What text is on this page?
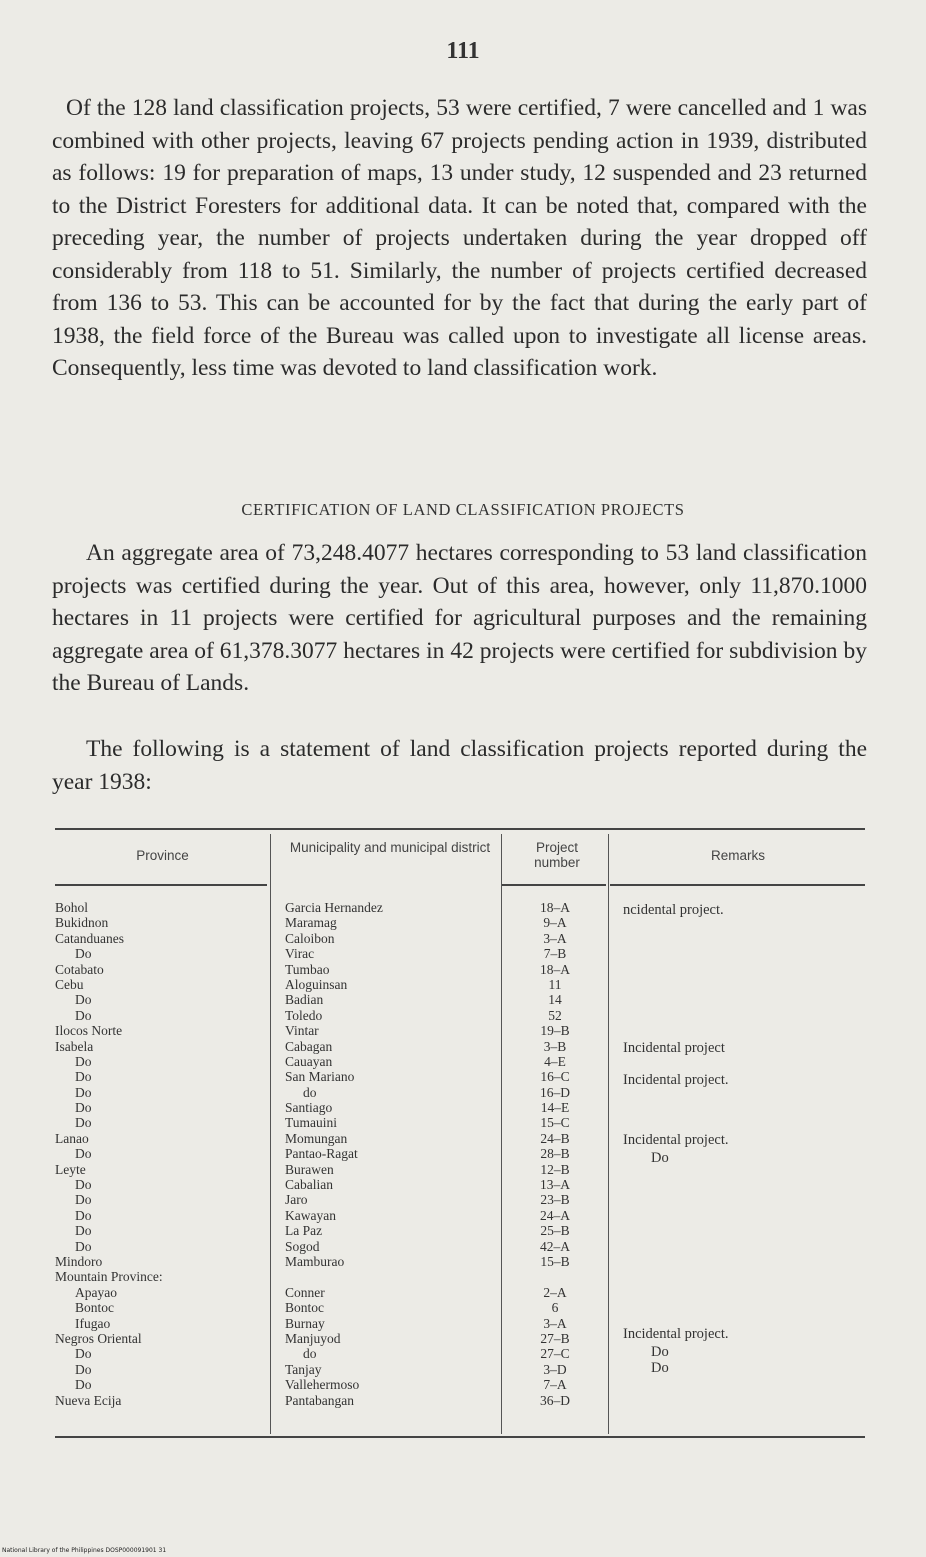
111

Of the 128 land classification projects, 53 were certified, 7 were cancelled and 1 was combined with other projects, leaving 67 projects pending action in 1939, distributed as follows: 19 for preparation of maps, 13 under study, 12 suspended and 23 returned to the District Foresters for additional data. It can be noted that, compared with the preceding year, the number of projects undertaken during the year dropped off considerably from 118 to 51. Similarly, the number of projects certified decreased from 136 to 53. This can be accounted for by the fact that during the early part of 1938, the field force of the Bureau was called upon to investigate all license areas. Consequently, less time was devoted to land classification work.

CERTIFICATION OF LAND CLASSIFICATION PROJECTS

An aggregate area of 73,248.4077 hectares corresponding to 53 land classification projects was certified during the year. Out of this area, however, only 11,870.1000 hectares in 11 projects were certified for agricultural purposes and the remaining aggregate area of 61,378.3077 hectares in 42 projects were certified for subdivision by the Bureau of Lands.

The following is a statement of land classification projects reported during the year 1938:

Province
Municipality and municipal district	Project number	Remarks
Bohol
Bukidnon
Catanduanes
Do
Cotabato
Cebu
Do
Do
Ilocos Norte
Isabela
Do
Do
Do
Do
Do
Lanao
Do
Leyte
Do
Do
Do
Do
Do
Mindoro
Mountain Province:
Apayao
Bontoc
Ifugao
Negros Oriental
Do
Do
Do
Nueva Ecija
Garcia Hernandez
Maramag
Caloibon
Virac
Tumbao
Aloguinsan
Badian
Toledo
Vintar
Cabagan
Cauayan
San Mariano
do
Santiago
Tumauini
Momungan
Pantao-Ragat
Burawen
Cabalian
Jaro
Kawayan
La Paz
Sogod
Mamburao
Conner
Bontoc
Burnay
Manjuyod
do
Tanjay
Vallehermoso
Pantabangan
18–A
9–A
3–A
7–B
18–A
11
14
52
19–B
3–B
4–E
16–C
16–D
14–E
15–C
24–B
28–B
12–B
13–A
23–B
24–A
25–B
42–A
15–B
2–A
6
3–A
27–B
27–C
3–D
7–A
36–D
ncidental project.
Incidental project
Incidental project.
Incidental project.
Do
Incidental project.
Do
Do
National Library of the Philippines DOSP000091901 31
